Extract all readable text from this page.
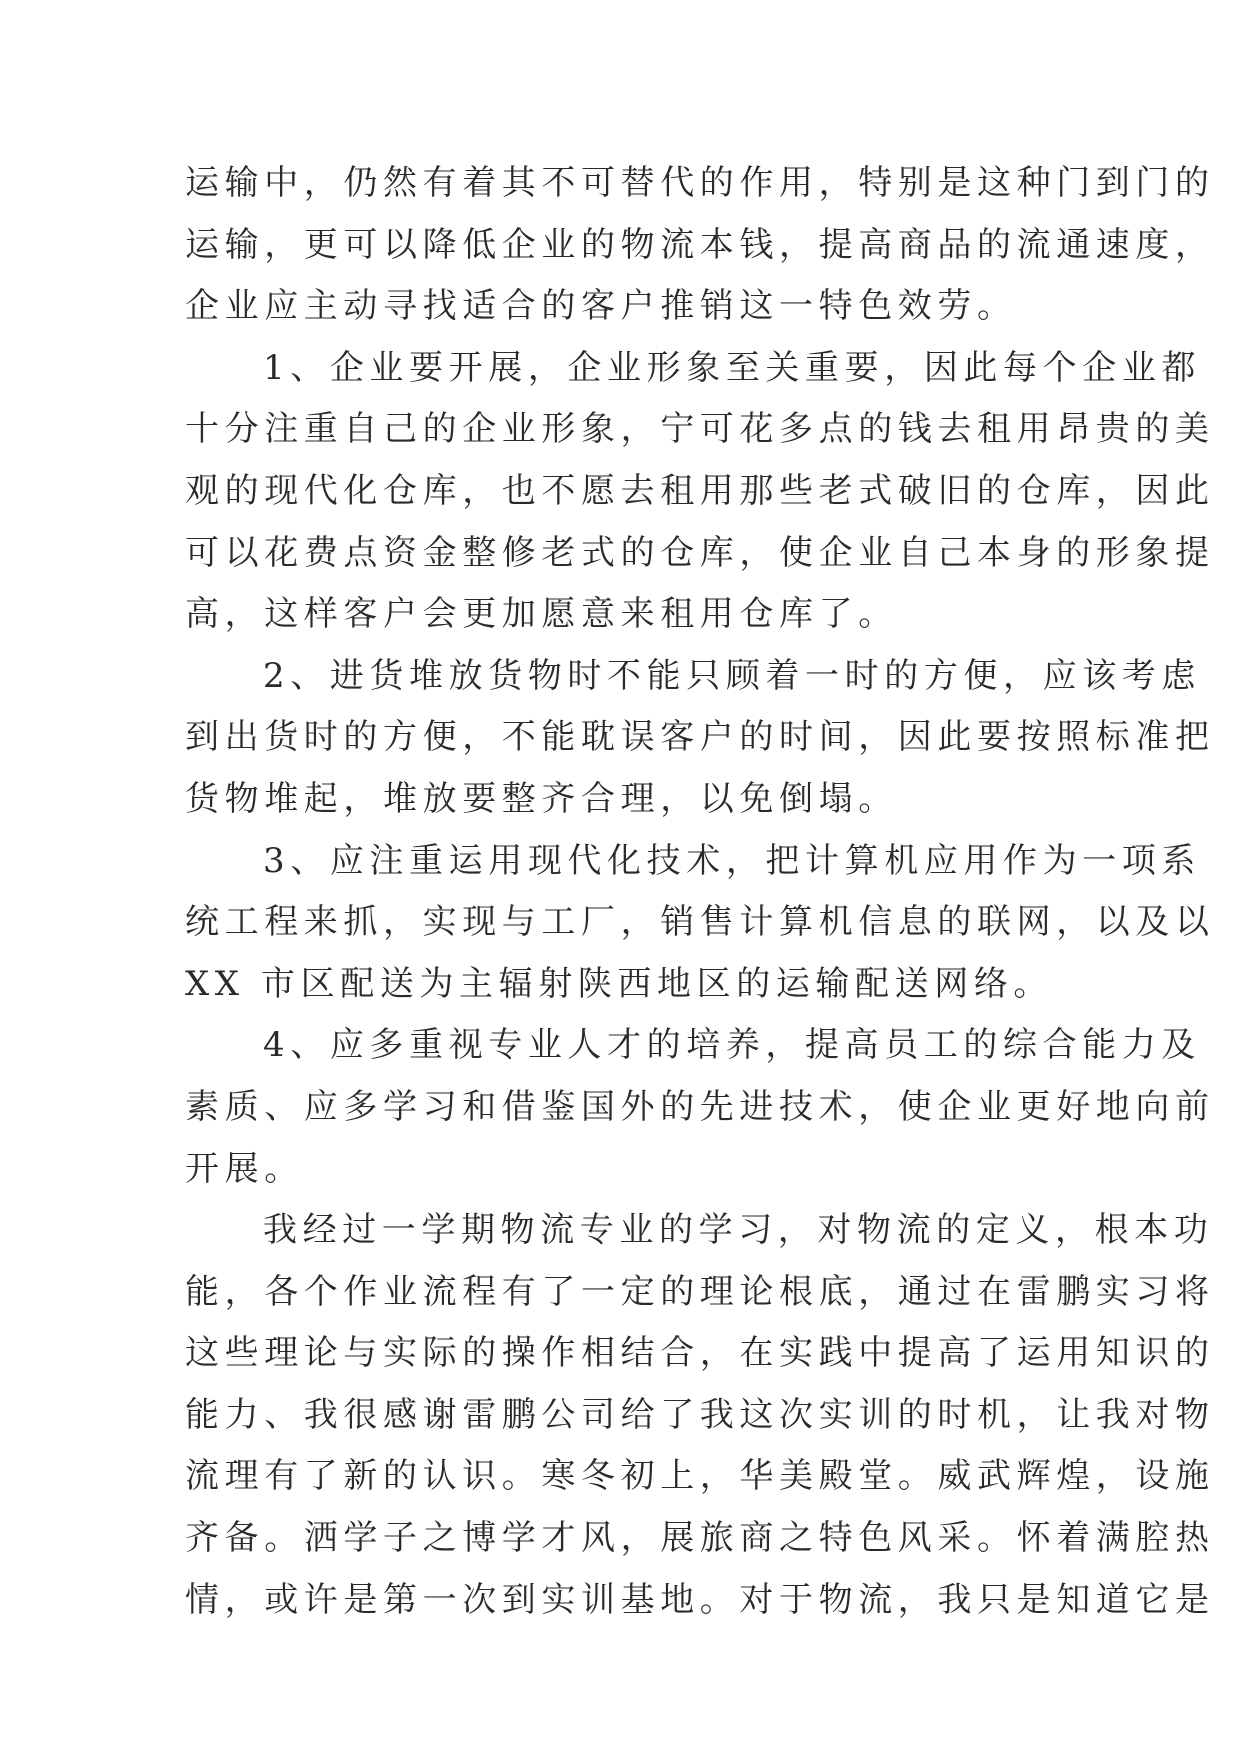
运输中，仍然有着其不可替代的作用，特别是这种门到门的
运输，更可以降低企业的物流本钱，提高商品的流通速度，
企业应主动寻找适合的客户推销这一特色效劳。
1、企业要开展，企业形象至关重要，因此每个企业都
十分注重自己的企业形象，宁可花多点的钱去租用昂贵的美
观的现代化仓库，也不愿去租用那些老式破旧的仓库，因此
可以花费点资金整修老式的仓库，使企业自己本身的形象提
高，这样客户会更加愿意来租用仓库了。
2、进货堆放货物时不能只顾着一时的方便，应该考虑
到出货时的方便，不能耽误客户的时间，因此要按照标准把
货物堆起，堆放要整齐合理，以免倒塌。
3、应注重运用现代化技术，把计算机应用作为一项系
统工程来抓，实现与工厂，销售计算机信息的联网，以及以
XX 市区配送为主辐射陕西地区的运输配送网络。
4、应多重视专业人才的培养，提高员工的综合能力及
素质、应多学习和借鉴国外的先进技术，使企业更好地向前
开展。
我经过一学期物流专业的学习，对物流的定义，根本功
能，各个作业流程有了一定的理论根底，通过在雷鹏实习将
这些理论与实际的操作相结合，在实践中提高了运用知识的
能力、我很感谢雷鹏公司给了我这次实训的时机，让我对物
流理有了新的认识。寒冬初上，华美殿堂。威武辉煌，设施
齐备。洒学子之博学才风，展旅商之特色风采。怀着满腔热
情，或许是第一次到实训基地。对于物流，我只是知道它是
